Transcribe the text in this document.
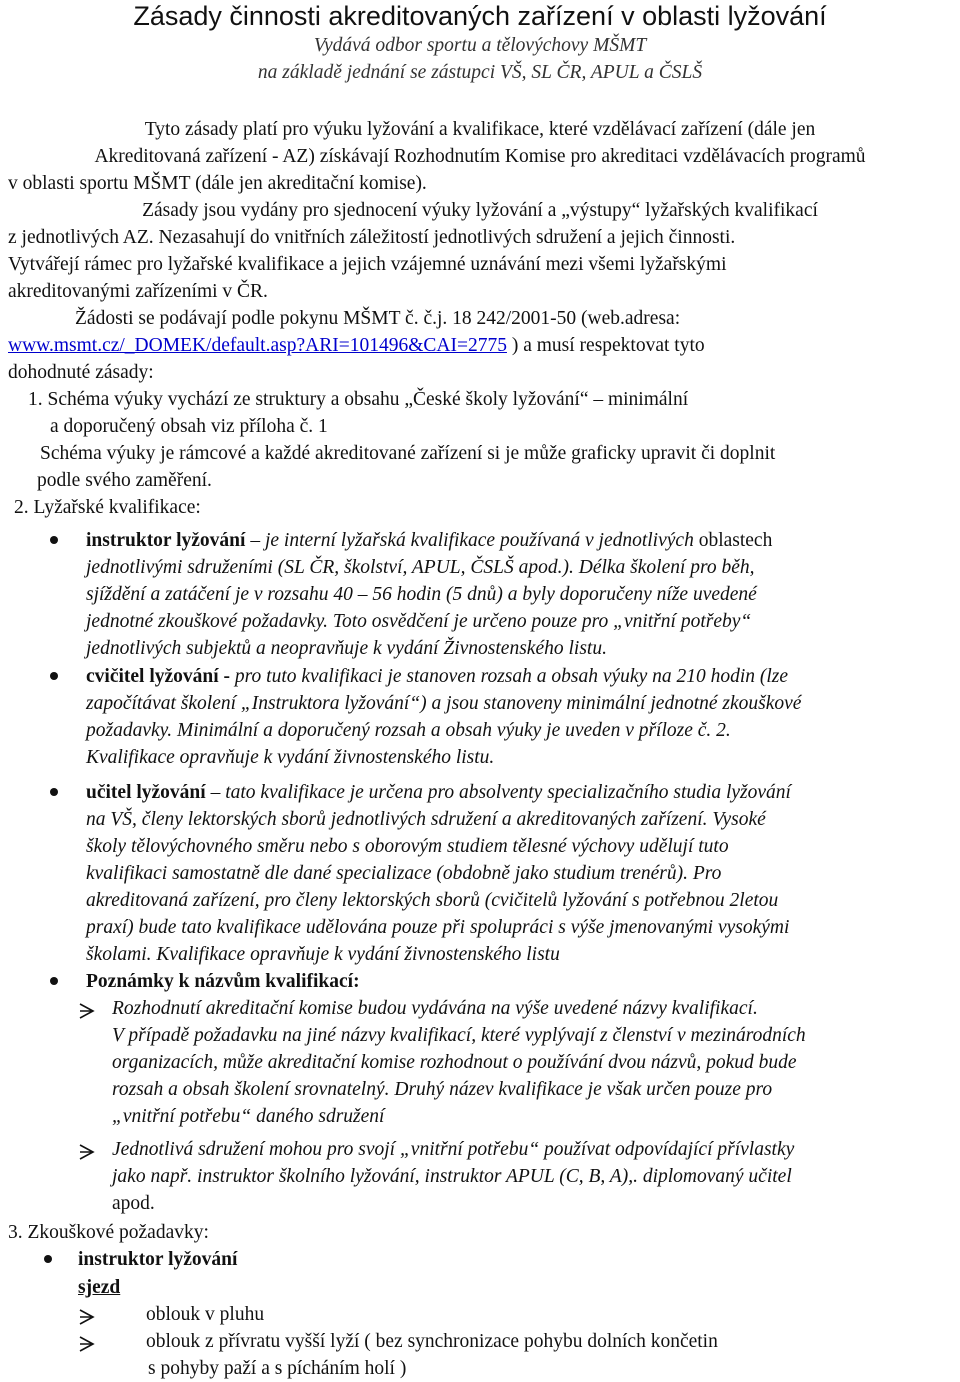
Zásady činnosti akreditovaných zařízení v oblasti lyžování
Vydává odbor sportu a tělovýchovy MŠMT
na základě jednání se zástupci VŠ, SL ČR, APUL a ČSLŠ
Tyto zásady platí pro výuku lyžování a kvalifikace, které vzdělávací zařízení (dále jen
Akreditovaná zařízení - AZ) získávají Rozhodnutím Komise pro akreditaci vzdělávacích programů
v oblasti sportu MŠMT (dále jen akreditační komise).
Zásady jsou vydány pro sjednocení výuky lyžování a „výstupy“ lyžařských kvalifikací
z jednotlivých AZ. Nezasahují do vnitřních záležitostí jednotlivých sdružení a jejich činnosti.
Vytvářejí rámec pro lyžařské kvalifikace a jejich vzájemné uznávání mezi všemi lyžařskými
akreditovanými zařízeními v ČR.
Žádosti se podávají podle pokynu MŠMT č. č.j. 18 242/2001-50 (web.adresa:
www.msmt.cz/_DOMEK/default.asp?ARI=101496&CAI=2775 ) a musí respektovat tyto
dohodnuté zásady:
1. Schéma výuky vychází ze struktury a obsahu „České školy lyžování“ – minimální
a doporučený obsah viz příloha č. 1
Schéma výuky je rámcové a každé akreditované zařízení si je může graficky upravit či doplnit
podle svého zaměření.
2. Lyžařské kvalifikace:
instruktor lyžování – je interní lyžařská kvalifikace používaná v jednotlivých oblastech
jednotlivými sdruženími (SL ČR, školství, APUL, ČSLŠ apod.). Délka školení pro běh,
sjíždění a zatáčení je v rozsahu 40 – 56 hodin (5 dnů) a byly doporučeny níže uvedené
jednotné zkouškové požadavky. Toto osvědčení je určeno pouze pro „vnitřní potřeby“
jednotlivých subjektů a neopravňuje k vydání Živnostenského listu.
cvičitel lyžování - pro tuto kvalifikaci je stanoven rozsah a obsah výuky na 210 hodin (lze
započítávat školení „Instruktora lyžování“) a jsou stanoveny minimální jednotné zkouškové
požadavky. Minimální a doporučený rozsah a obsah výuky je uveden v příloze č. 2.
Kvalifikace opravňuje k vydání živnostenského listu.
učitel lyžování – tato kvalifikace je určena pro absolventy specializačního studia lyžování
na VŠ, členy lektorských sborů jednotlivých sdružení a akreditovaných zařízení. Vysoké
školy tělovýchovného směru nebo s oborovým studiem tělesné výchovy udělují tuto
kvalifikaci samostatně dle dané specializace (obdobně jako studium trenérů). Pro
akreditovaná zařízení, pro členy lektorských sborů (cvičitelů lyžování s potřebnou 2letou
praxí) bude tato kvalifikace udělována pouze při spolupráci s výše jmenovanými vysokými
školami. Kvalifikace opravňuje k vydání živnostenského listu
Poznámky k názvům kvalifikací:
Rozhodnutí akreditační komise budou vydávána na výše uvedené názvy kvalifikací.
V případě požadavku na jiné názvy kvalifikací, které vyplývají z členství v mezinárodních
organizacích, může akreditační komise rozhodnout o používání dvou názvů, pokud bude
rozsah a obsah školení srovnatelný. Druhý název kvalifikace je však určen pouze pro
„vnitřní potřebu“ daného sdružení
Jednotlivá sdružení mohou pro svojí „vnitřní potřebu“ používat odpovídající přívlastky
jako např. instruktor školního lyžování, instruktor APUL (C, B, A),. diplomovaný učitel
apod.
3. Zkouškové požadavky:
instruktor lyžování
sjezd
oblouk v pluhu
oblouk z přívratu vyšší lyží ( bez synchronizace pohybu dolních končetin
s pohyby paží a s pícháním holí )
